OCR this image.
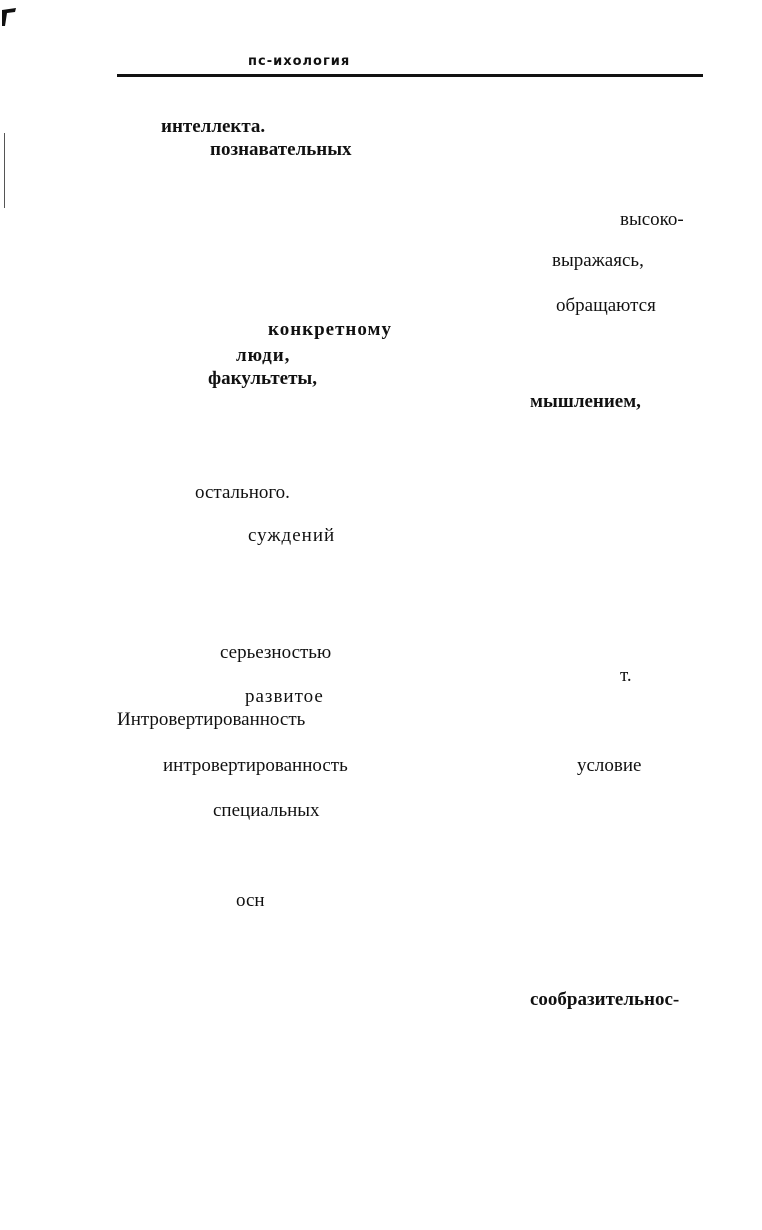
пс-ихология
интеллекта.
познавательных
высоко-
выражаясь,
обращаются
конкретному
люди,
факультеты,
мышлением,
остального.
суждений
серьезностью
т.
развитое
Интровертированность
интровертированность	условие
специальных
осн
сообразительнос-
